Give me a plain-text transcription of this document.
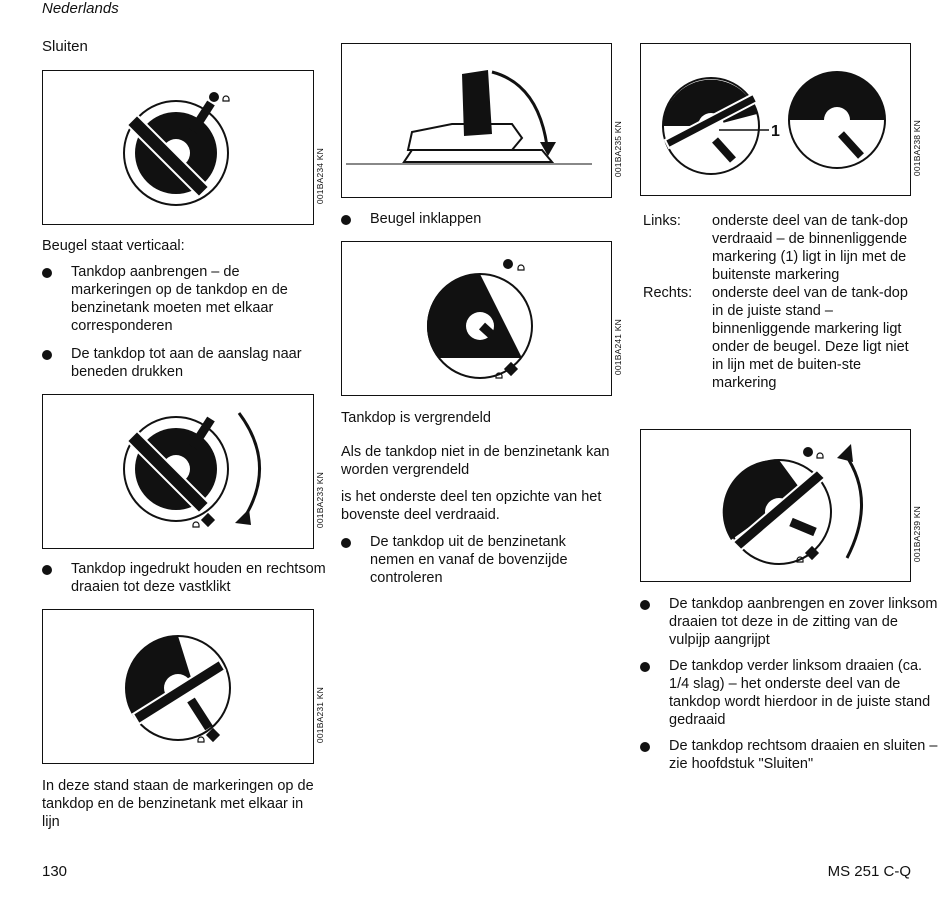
Nederlands
Sluiten
001BA234 KN
Beugel staat verticaal:
Tankdop aanbrengen – de markeringen op de tankdop en de benzinetank moeten met elkaar corresponderen
De tankdop tot aan de aanslag naar beneden drukken
001BA233 KN
Tankdop ingedrukt houden en rechtsom draaien tot deze vastklikt
001BA231 KN
In deze stand staan de markeringen op de tankdop en de benzinetank met elkaar in lijn
001BA235 KN
Beugel inklappen
001BA241 KN
Tankdop is vergrendeld
Als de tankdop niet in de benzinetank kan worden vergrendeld
is het onderste deel ten opzichte van het bovenste deel verdraaid.
De tankdop uit de benzinetank nemen en vanaf de bovenzijde controleren
1	001BA238 KN
Links:	onderste deel van de tank-dop verdraaid – de binnenliggende markering (1) ligt in lijn met de buitenste markering
Rechts:	onderste deel van de tank-dop in de juiste stand – binnenliggende markering ligt onder de beugel. Deze ligt niet in lijn met de buiten-ste markering
001BA239 KN
De tankdop aanbrengen en zover linksom draaien tot deze in de zitting van de vulpijp aangrijpt
De tankdop verder linksom draaien (ca. 1/4 slag) – het onderste deel van de tankdop wordt hierdoor in de juiste stand gedraaid
De tankdop rechtsom draaien en sluiten – zie hoofdstuk "Sluiten"
130	MS 251 C-Q
